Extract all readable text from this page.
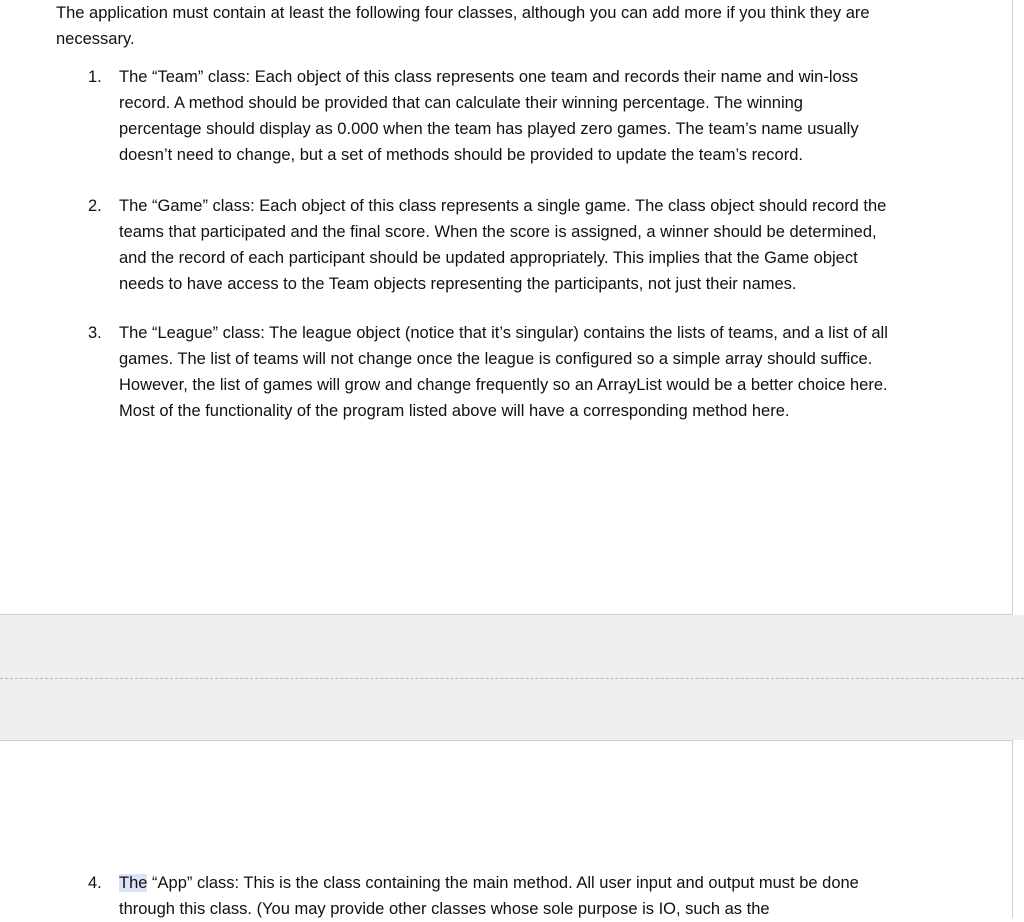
The application must contain at least the following four classes, although you can add more if you think they are necessary.

1.	The “Team” class: Each object of this class represents one team and records their name and win-loss record. A method should be provided that can calculate their winning percentage. The winning percentage should display as 0.000 when the team has played zero games. The team’s name usually doesn’t need to change, but a set of methods should be provided to update the team’s record.
2.	The “Game” class: Each object of this class represents a single game. The class object should record the teams that participated and the final score. When the score is assigned, a winner should be determined, and the record of each participant should be updated appropriately. This implies that the Game object needs to have access to the Team objects representing the participants, not just their names.
3.	The “League” class: The league object (notice that it’s singular) contains the lists of teams, and a list of all games. The list of teams will not change once the league is configured so a simple array should suffice. However, the list of games will grow and change frequently so an ArrayList would be a better choice here. Most of the functionality of the program listed above will have a corresponding method here.
4.	The “App” class: This is the class containing the main method. All user input and output must be done through this class. (You may provide other classes whose sole purpose is IO, such as the
